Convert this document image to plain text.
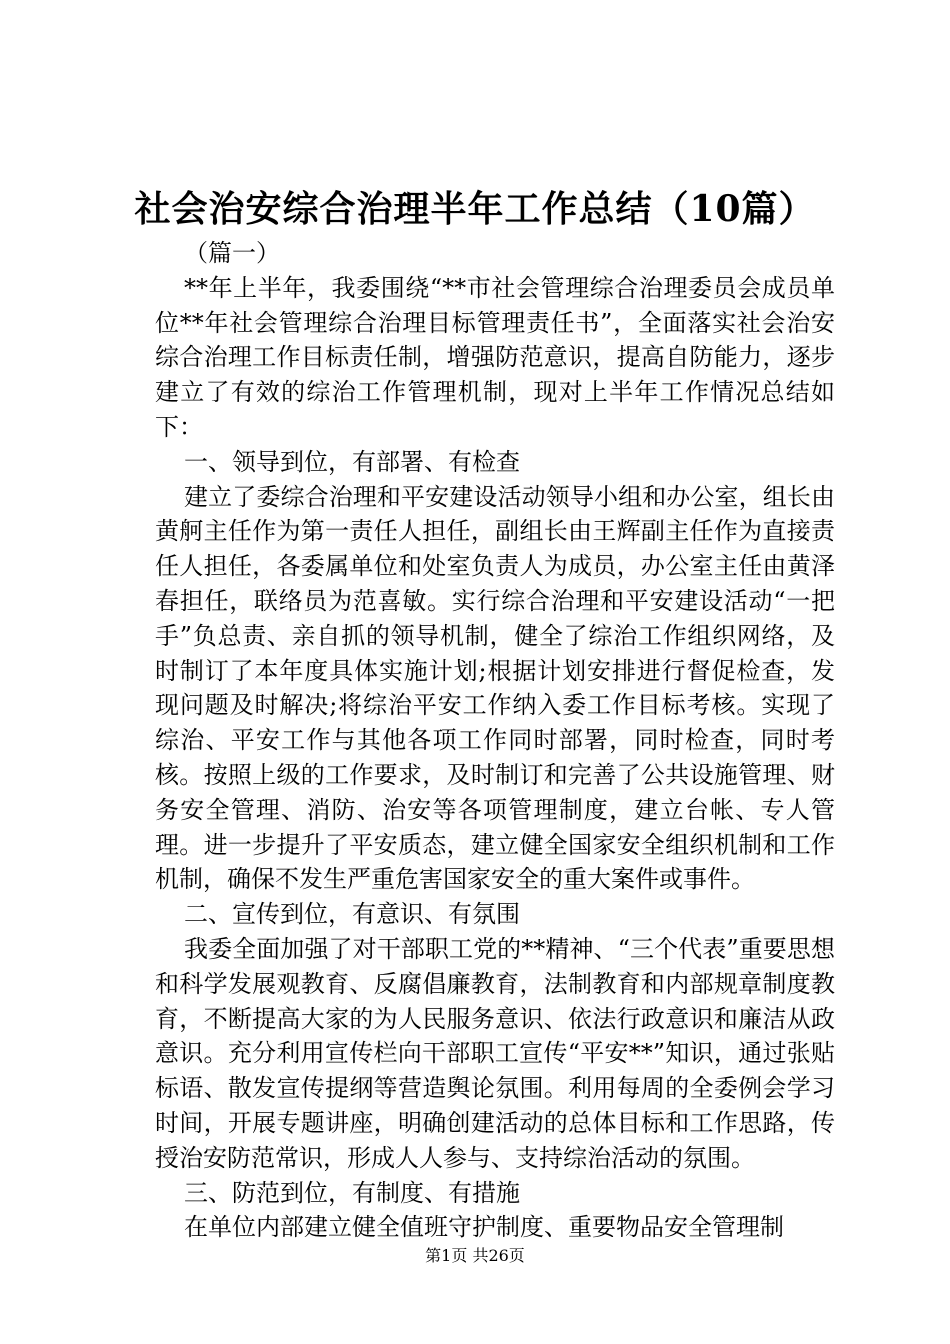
社会治安综合治理半年工作总结（10篇）

（篇一）

**年上半年，我委围绕“**市社会管理综合治理委员会成员单位**年社会管理综合治理目标管理责任书”，全面落实社会治安综合治理工作目标责任制，增强防范意识，提高自防能力，逐步建立了有效的综治工作管理机制，现对上半年工作情况总结如下：

一、领导到位，有部署、有检查

建立了委综合治理和平安建设活动领导小组和办公室，组长由黄舸主任作为第一责任人担任，副组长由王辉副主任作为直接责任人担任，各委属单位和处室负责人为成员，办公室主任由黄泽春担任，联络员为范喜敏。实行综合治理和平安建设活动“一把手”负总责、亲自抓的领导机制，健全了综治工作组织网络，及时制订了本年度具体实施计划;根据计划安排进行督促检查，发现问题及时解决;将综治平安工作纳入委工作目标考核。实现了综治、平安工作与其他各项工作同时部署，同时检查，同时考核。按照上级的工作要求，及时制订和完善了公共设施管理、财务安全管理、消防、治安等各项管理制度，建立台帐、专人管理。进一步提升了平安质态，建立健全国家安全组织机制和工作机制，确保不发生严重危害国家安全的重大案件或事件。

二、宣传到位，有意识、有氛围

我委全面加强了对干部职工党的**精神、“三个代表”重要思想和科学发展观教育、反腐倡廉教育，法制教育和内部规章制度教育，不断提高大家的为人民服务意识、依法行政意识和廉洁从政意识。充分利用宣传栏向干部职工宣传“平安**”知识，通过张贴标语、散发宣传提纲等营造舆论氛围。利用每周的全委例会学习时间，开展专题讲座，明确创建活动的总体目标和工作思路，传授治安防范常识，形成人人参与、支持综治活动的氛围。

三、防范到位，有制度、有措施

在单位内部建立健全值班守护制度、重要物品安全管理制

第1页 共26页
